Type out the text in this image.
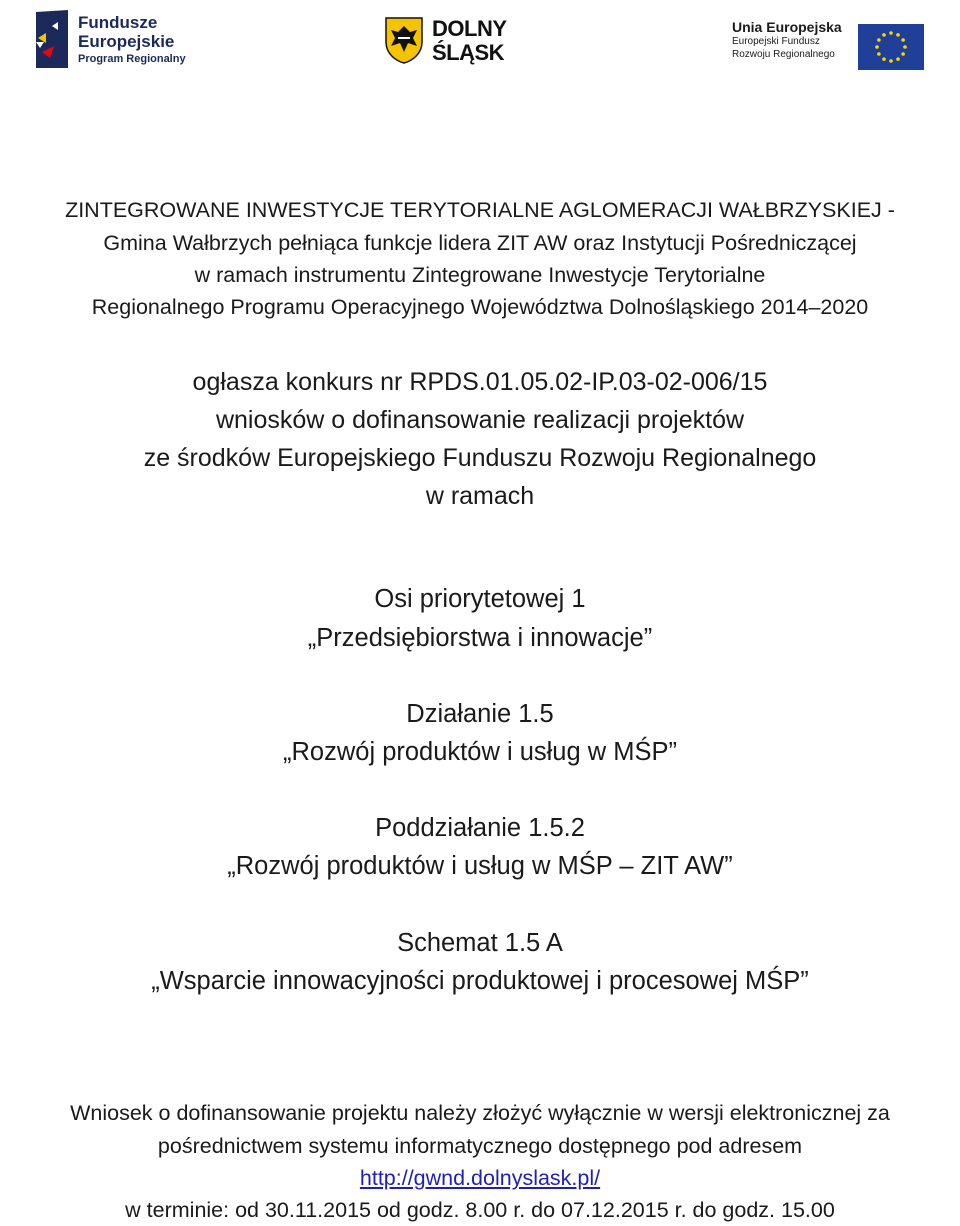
Fundusze
Europejskie
Program Regionalny
DOLNY
ŚLĄSK
Unia Europejska
Europejski Fundusz
Rozwoju Regionalnego
ZINTEGROWANE INWESTYCJE TERYTORIALNE AGLOMERACJI WAŁBRZYSKIEJ -
Gmina Wałbrzych pełniąca funkcje lidera ZIT AW oraz Instytucji Pośredniczącej
w ramach instrumentu Zintegrowane Inwestycje Terytorialne
Regionalnego Programu Operacyjnego Województwa Dolnośląskiego 2014–2020
ogłasza konkurs nr RPDS.01.05.02-IP.03-02-006/15
wniosków o dofinansowanie realizacji projektów
ze środków Europejskiego Funduszu Rozwoju Regionalnego
w ramach
Osi priorytetowej 1
„Przedsiębiorstwa i innowacje”
Działanie 1.5
„Rozwój produktów i usług w MŚP”
Poddziałanie 1.5.2
„Rozwój produktów i usług w MŚP – ZIT AW”
Schemat 1.5 A
„Wsparcie innowacyjności produktowej i procesowej MŚP”
Wniosek o dofinansowanie projektu należy złożyć wyłącznie w wersji elektronicznej za
pośrednictwem systemu informatycznego dostępnego pod adresem
http://gwnd.dolnyslask.pl/
w terminie: od 30.11.2015 od godz. 8.00 r. do 07.12.2015 r. do godz. 15.00
